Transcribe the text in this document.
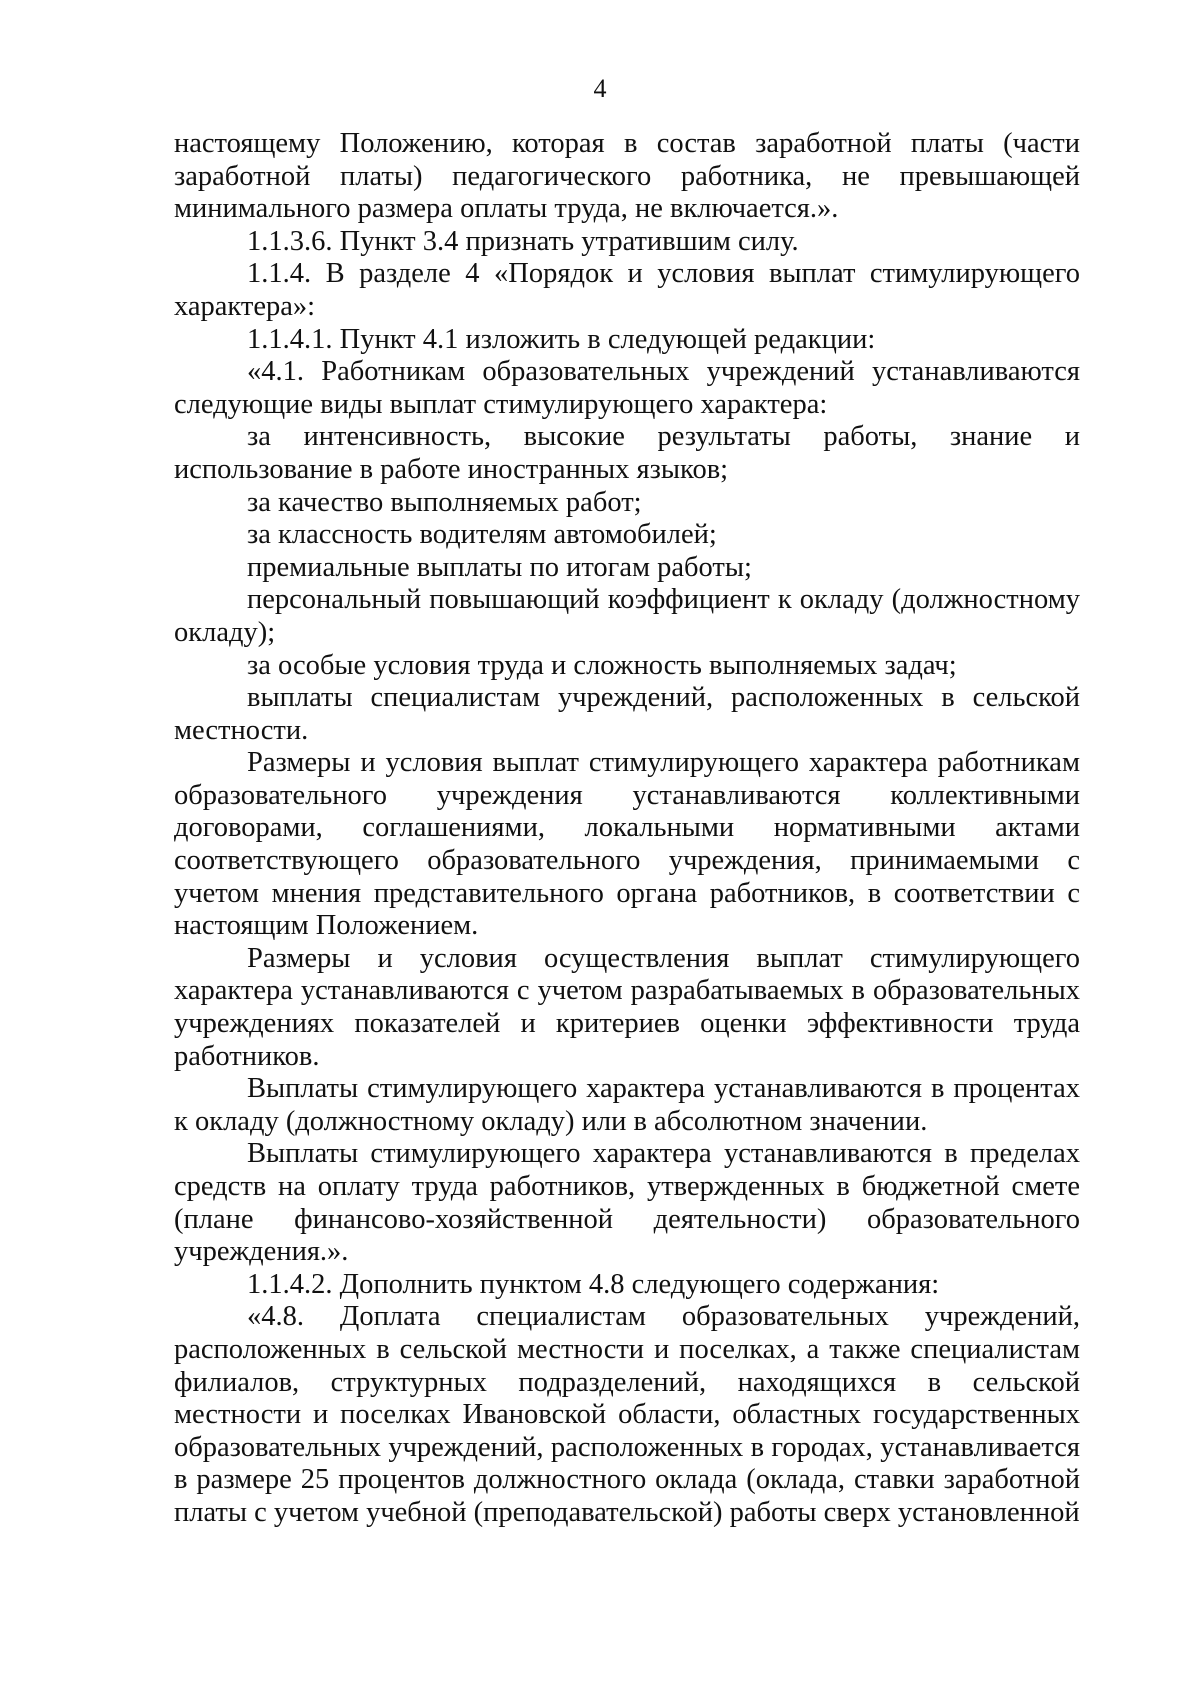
4

настоящему Положению, которая в состав заработной платы (части заработной платы) педагогического работника, не превышающей минимального размера оплаты труда, не включается.».

1.1.3.6. Пункт 3.4 признать утратившим силу.

1.1.4. В разделе 4 «Порядок и условия выплат стимулирующего характера»:

1.1.4.1. Пункт 4.1 изложить в следующей редакции:

«4.1. Работникам образовательных учреждений устанавливаются следующие виды выплат стимулирующего характера:

за интенсивность, высокие результаты работы, знание и использование в работе иностранных языков;

за качество выполняемых работ;

за классность водителям автомобилей;

премиальные выплаты по итогам работы;

персональный повышающий коэффициент к окладу (должностному окладу);

за особые условия труда и сложность выполняемых задач;

выплаты специалистам учреждений, расположенных в сельской местности.

Размеры и условия выплат стимулирующего характера работникам образовательного учреждения устанавливаются коллективными договорами, соглашениями, локальными нормативными актами соответствующего образовательного учреждения, принимаемыми с учетом мнения представительного органа работников, в соответствии с настоящим Положением.

Размеры и условия осуществления выплат стимулирующего характера устанавливаются с учетом разрабатываемых в образовательных учреждениях показателей и критериев оценки эффективности труда работников.

Выплаты стимулирующего характера устанавливаются в процентах к окладу (должностному окладу) или в абсолютном значении.

Выплаты стимулирующего характера устанавливаются в пределах средств на оплату труда работников, утвержденных в бюджетной смете (плане финансово-хозяйственной деятельности) образовательного учреждения.».

1.1.4.2. Дополнить пунктом 4.8 следующего содержания:

«4.8. Доплата специалистам образовательных учреждений, расположенных в сельской местности и поселках, а также специалистам филиалов, структурных подразделений, находящихся в сельской местности и поселках Ивановской области, областных государственных образовательных учреждений, расположенных в городах, устанавливается в размере 25 процентов должностного оклада (оклада, ставки заработной платы с учетом учебной (преподавательской) работы сверх установленной
